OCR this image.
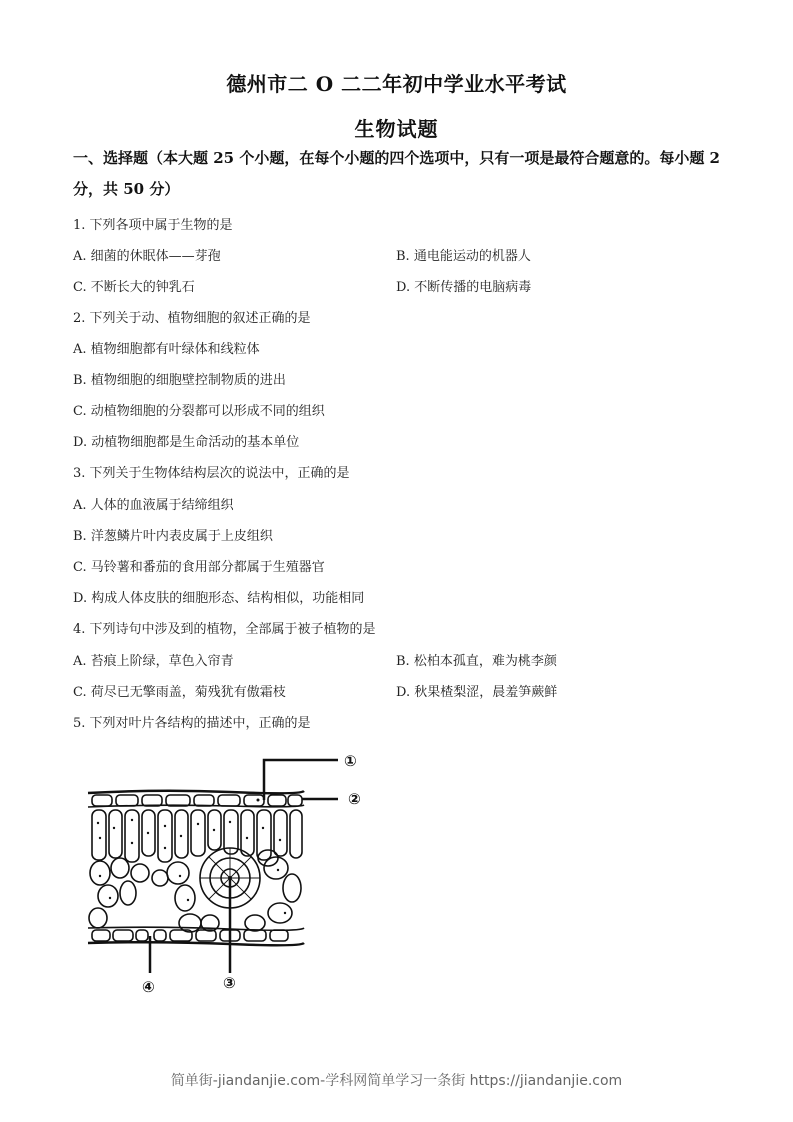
德州市二 O 二二年初中学业水平考试
生物试题
一、选择题（本大题 25 个小题，在每个小题的四个选项中，只有一项是最符合题意的。每小题 2 分，共 50 分）
1. 下列各项中属于生物的是
A. 细菌的休眠体——芽孢	B. 通电能运动的机器人
C. 不断长大的钟乳石	D. 不断传播的电脑病毒
2. 下列关于动、植物细胞的叙述正确的是
A. 植物细胞都有叶绿体和线粒体
B. 植物细胞的细胞壁控制物质的进出
C. 动植物细胞的分裂都可以形成不同的组织
D. 动植物细胞都是生命活动的基本单位
3. 下列关于生物体结构层次的说法中，正确的是
A. 人体的血液属于结缔组织
B. 洋葱鳞片叶内表皮属于上皮组织
C. 马铃薯和番茄的食用部分都属于生殖器官
D. 构成人体皮肤的细胞形态、结构相似，功能相同
4. 下列诗句中涉及到的植物，全部属于被子植物的是
A. 苔痕上阶绿，草色入帘青	B. 松柏本孤直，难为桃李颜
C. 荷尽已无擎雨盖，菊残犹有傲霜枝	D. 秋果楂梨涩，晨羞笋蕨鲜
5. 下列对叶片各结构的描述中，正确的是
①
②
③
④
简单街-jiandanjie.com-学科网简单学习一条街 https://jiandanjie.com
